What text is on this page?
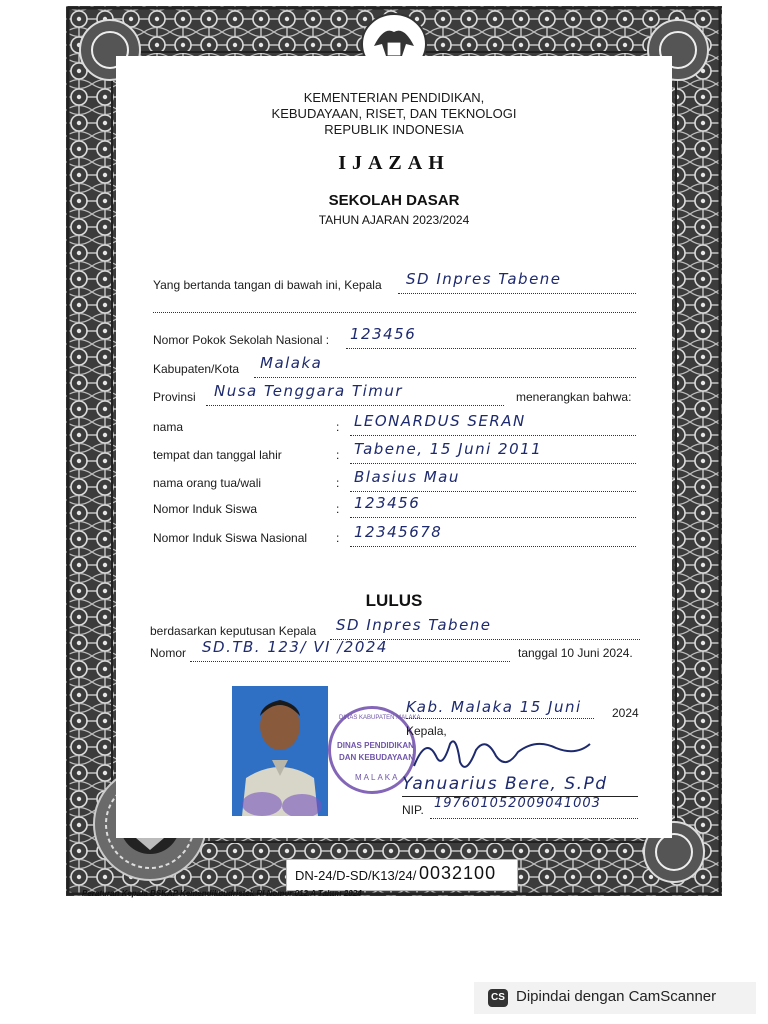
KEMENTERIAN PENDIDIKAN,
KEBUDAYAAN, RISET, DAN TEKNOLOGI
REPUBLIK INDONESIA
IJAZAH
SEKOLAH DASAR
TAHUN AJARAN 2023/2024
Yang bertanda tangan di bawah ini, Kepala SD Inpres Tabene
Nomor Pokok Sekolah Nasional : 123456
Kabupaten/Kota Malaka
Provinsi Nusa Tenggara Timur	menerangkan bahwa:
nama	: LEONARDUS SERAN
tempat dan tanggal lahir	: Tabene, 15 Juni 2011
nama orang tua/wali	: Blasius Mau
Nomor Induk Siswa	: 123456
Nomor Induk Siswa Nasional : 12345678
LULUS
berdasarkan keputusan Kepala SD Inpres Tabene
Nomor SD.TB. 123/ VI /2024	tanggal 10 Juni 2024.
DINAS KABUPATEN MALAKA
DINAS PENDIDIKAN
DAN KEBUDAYAAN
MALAKA
Kab. Malaka 15 Juni	2024
Kepala,
Yanuarius Bere, S.Pd
NIP. 197601052009041003
DN-24/D-SD/K13/24/ 0032100
Peraturan Kepala BSKAP Kemendikbudristek RI Nomor 012.A Tahun 2024
CS Dipindai dengan CamScanner
